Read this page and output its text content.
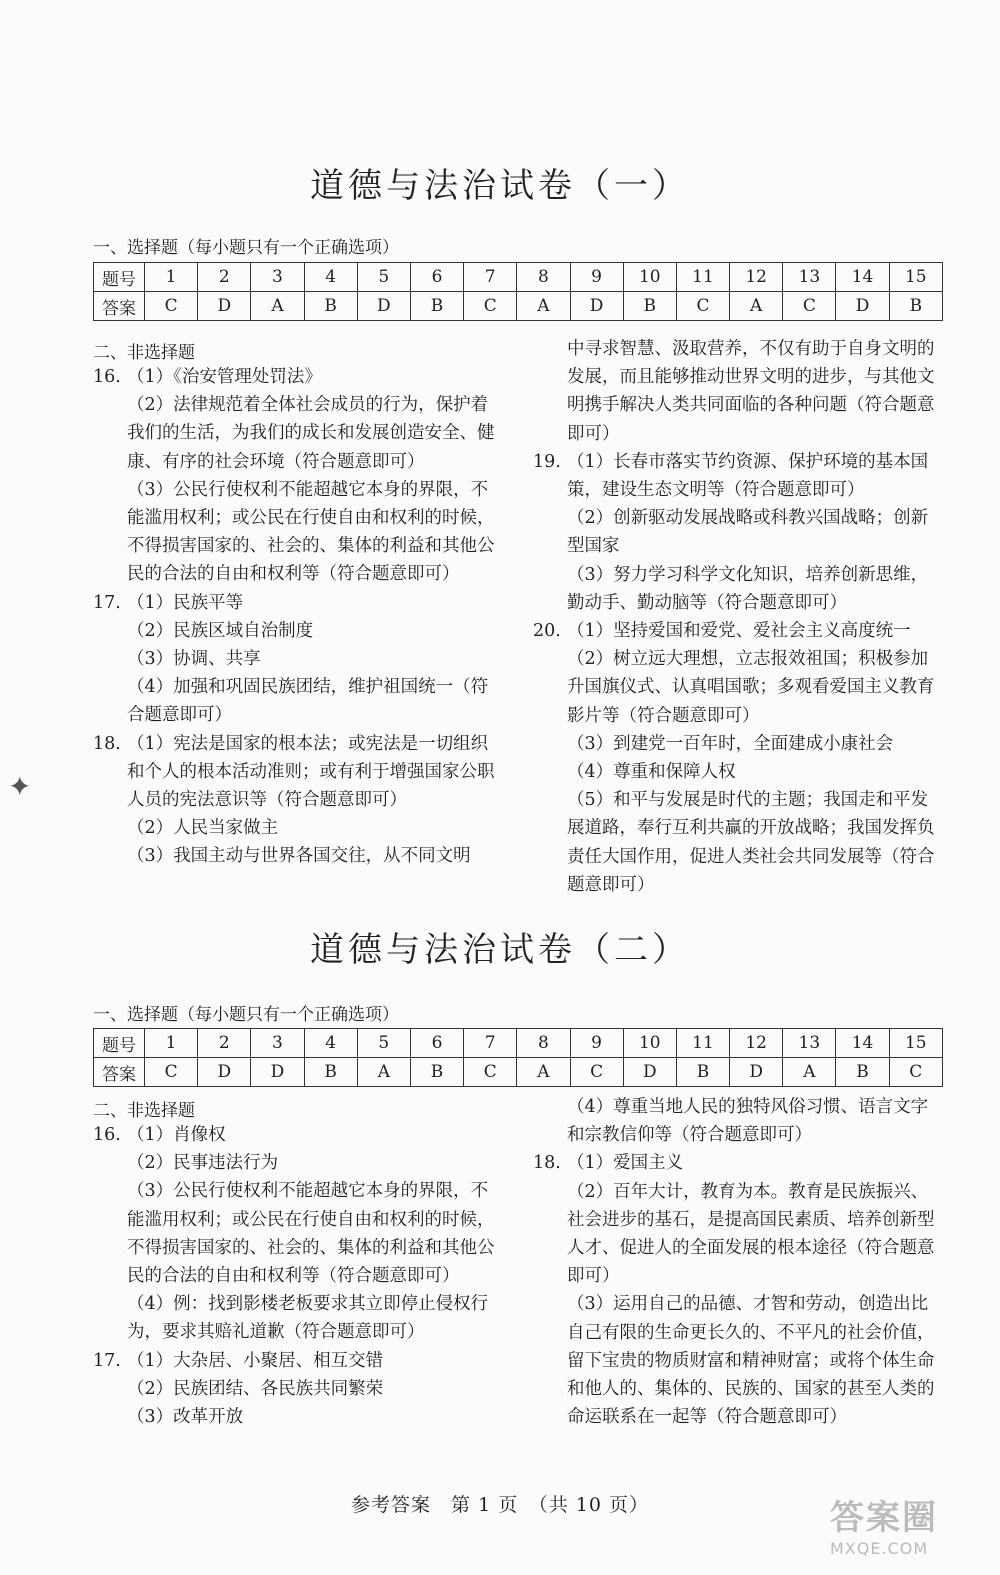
道德与法治试卷（一）
一、选择题（每小题只有一个正确选项）
题号	1	2	3	4	5	6	7	8	9	10	11	12	13	14	15
答案	C	D	A	B	D	B	C	A	D	B	C	A	C	D	B
二、非选择题
16. （1）《治安管理处罚法》
（2）法律规范着全体社会成员的行为，保护着我们的生活，为我们的成长和发展创造安全、健康、有序的社会环境（符合题意即可）
（3）公民行使权利不能超越它本身的界限，不能滥用权利；或公民在行使自由和权利的时候，不得损害国家的、社会的、集体的利益和其他公民的合法的自由和权利等（符合题意即可）
17. （1）民族平等
（2）民族区域自治制度
（3）协调、共享
（4）加强和巩固民族团结，维护祖国统一（符合题意即可）
18. （1）宪法是国家的根本法；或宪法是一切组织和个人的根本活动准则；或有利于增强国家公职人员的宪法意识等（符合题意即可）
（2）人民当家做主
（3）我国主动与世界各国交往，从不同文明
中寻求智慧、汲取营养，不仅有助于自身文明的发展，而且能够推动世界文明的进步，与其他文明携手解决人类共同面临的各种问题（符合题意即可）
19. （1）长春市落实节约资源、保护环境的基本国策，建设生态文明等（符合题意即可）
（2）创新驱动发展战略或科教兴国战略；创新型国家
（3）努力学习科学文化知识，培养创新思维，勤动手、勤动脑等（符合题意即可）
20. （1）坚持爱国和爱党、爱社会主义高度统一
（2）树立远大理想，立志报效祖国；积极参加升国旗仪式、认真唱国歌；多观看爱国主义教育影片等（符合题意即可）
（3）到建党一百年时，全面建成小康社会
（4）尊重和保障人权
（5）和平与发展是时代的主题；我国走和平发展道路，奉行互利共赢的开放战略；我国发挥负责任大国作用，促进人类社会共同发展等（符合题意即可）
✦
道德与法治试卷（二）
一、选择题（每小题只有一个正确选项）
题号	1	2	3	4	5	6	7	8	9	10	11	12	13	14	15
答案	C	D	D	B	A	B	C	A	C	D	B	D	A	B	C
二、非选择题
16. （1）肖像权
（2）民事违法行为
（3）公民行使权利不能超越它本身的界限，不能滥用权利；或公民在行使自由和权利的时候，不得损害国家的、社会的、集体的利益和其他公民的合法的自由和权利等（符合题意即可）
（4）例：找到影楼老板要求其立即停止侵权行为，要求其赔礼道歉（符合题意即可）
17. （1）大杂居、小聚居、相互交错
（2）民族团结、各民族共同繁荣
（3）改革开放
（4）尊重当地人民的独特风俗习惯、语言文字和宗教信仰等（符合题意即可）
18. （1）爱国主义
（2）百年大计，教育为本。教育是民族振兴、社会进步的基石，是提高国民素质、培养创新型人才、促进人的全面发展的根本途径（符合题意即可）
（3）运用自己的品德、才智和劳动，创造出比自己有限的生命更长久的、不平凡的社会价值，留下宝贵的物质财富和精神财富；或将个体生命和他人的、集体的、民族的、国家的甚至人类的命运联系在一起等（符合题意即可）
参考答案　第 1 页　（共 10 页）	答案圈
MXQE.COM
